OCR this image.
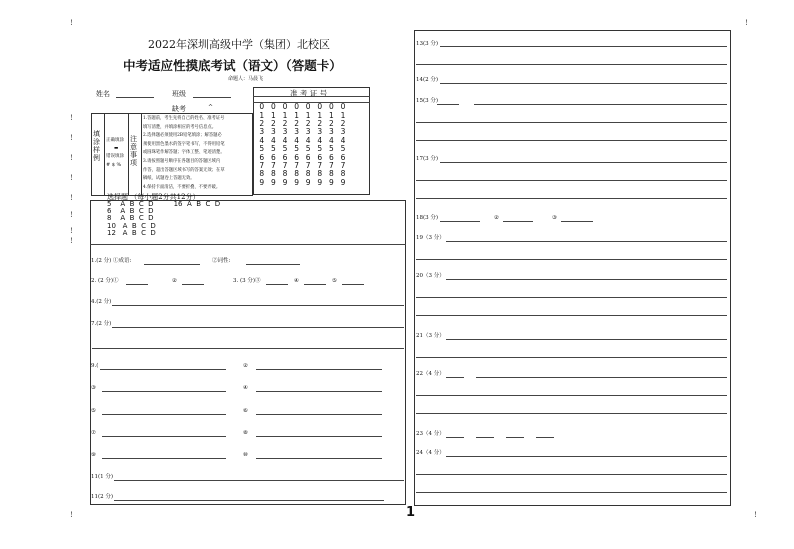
!	!
!	!
!
!
!
!
!
!
!
!
2022年深圳高级中学（集团）北校区
中考适应性摸底考试（语文）（答题卡）
命题人：马晨飞
姓名	班级
缺考	^
填涂样例
正确填涂
▬
错误填涂
# $ %
注意事项
1.答题前，考生先将自己的姓名、准考证号
填写清楚，并填涂相应的考号信息点。
2.选择题必须使用2B铅笔填涂；解答题必
须使用黑色墨水的签字笔书写，不得用铅笔
或圆珠笔作解答题；字体工整、笔迹清楚。
3.请按照题号顺序在各题目的答题区域内
作答，超出答题区域书写的答案无效；在草
稿纸、试题卷上答题无效。
4.保持卡面清洁，不要折叠、不要弄破。
准 考 证 号
0	0	0	0	0	0	0	0
1	1	1	1	1	1	1	1
2	2	2	2	2	2	2	2
3	3	3	3	3	3	3	3
4	4	4	4	4	4	4	4
5	5	5	5	5	5	5	5
6	6	6	6	6	6	6	6
7	7	7	7	7	7	7	7
8	8	8	8	8	8	8	8
9	9	9	9	9	9	9	9
选择题 （每小题2分共12分）
5    A  B  C  D         16  A  B  C  D
6    A  B  C  D
8    A  B  C  D
10   A  B  C  D
12   A  B  C  D
1.(2 分) ①成语:	②词性:
2. (2 分)①	②	3. (3 分)③	④	⑤
4.(2 分)
7.(2 分)
9.(	②
③	④
⑤	⑥
⑦	⑧
⑨	⑩
11(1 分)
11(2 分)
1
13(3 分)
14(2 分)
15(3 分)
17(3 分)
18(3 分)	②	③
19（3 分）
20（3 分）
21（3 分）
22（4 分）
23（4 分）
24（4 分）
